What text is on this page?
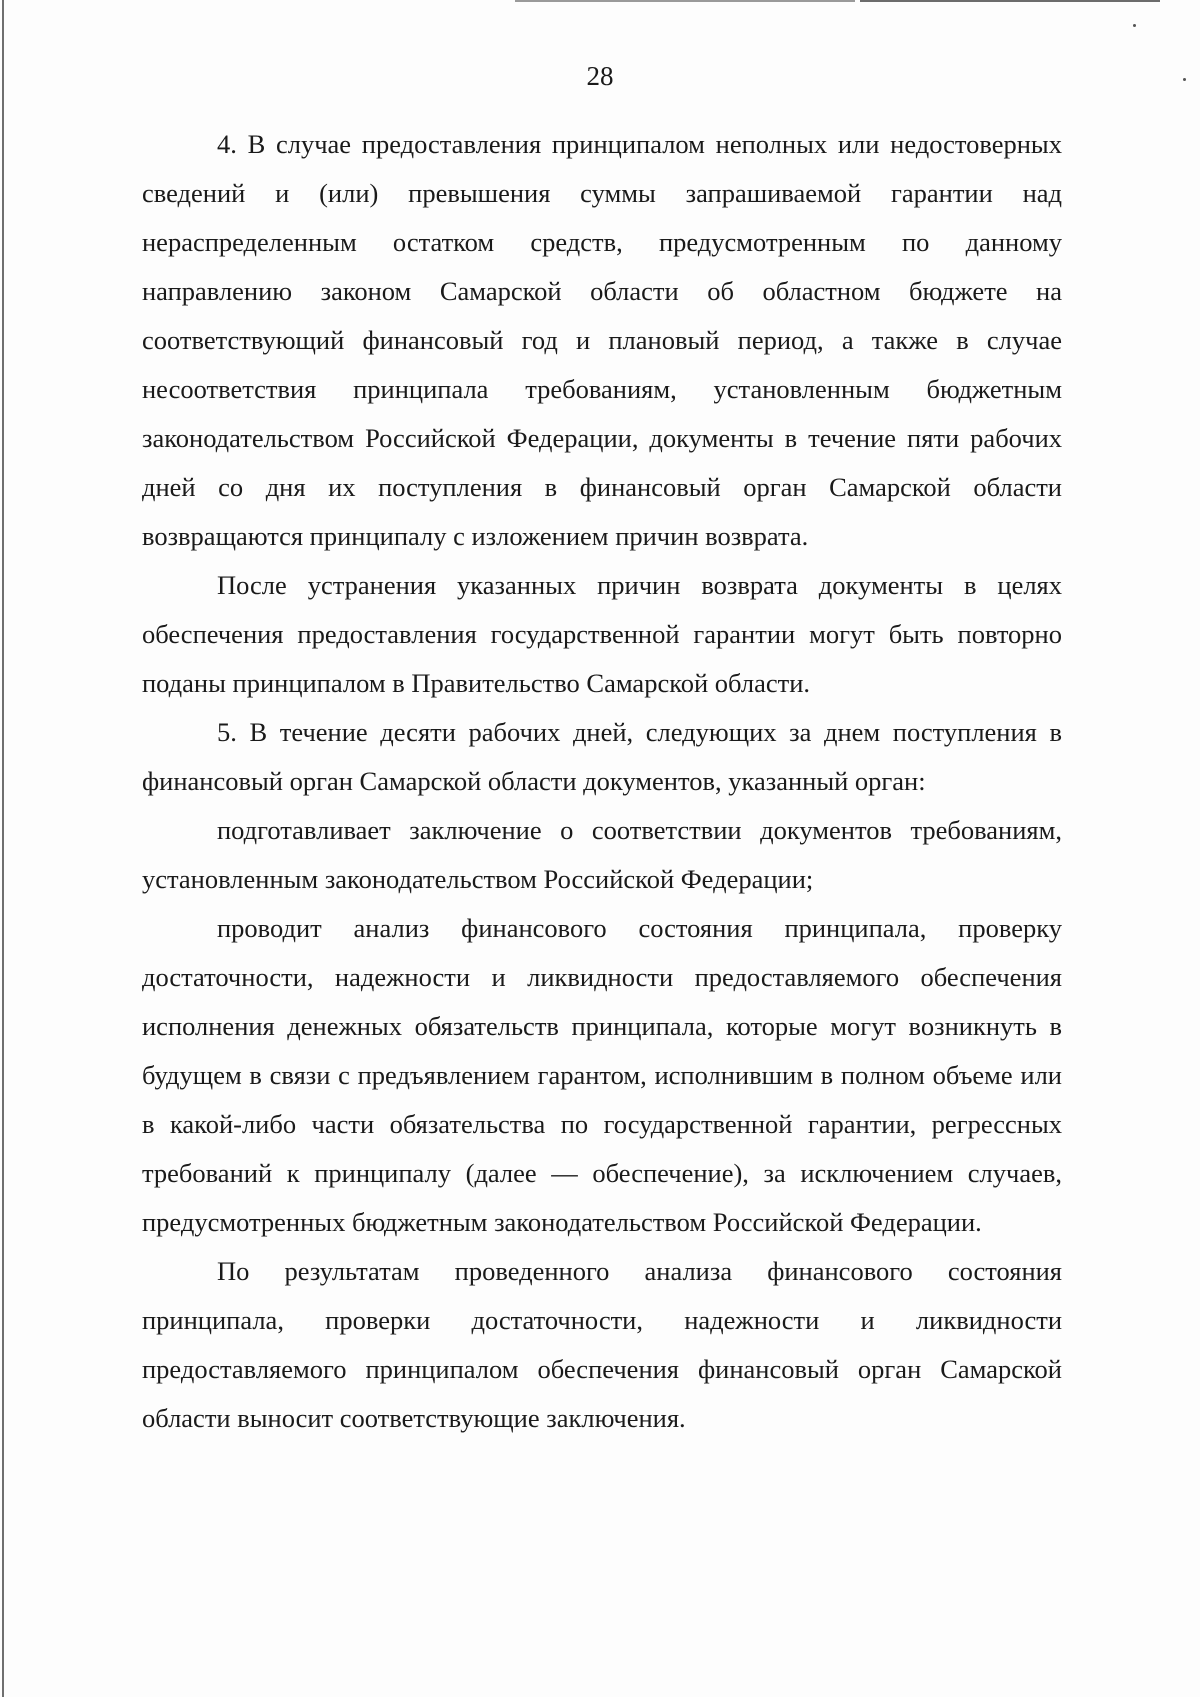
28

4. В случае предоставления принципалом неполных или недостоверных сведений и (или) превышения суммы запрашиваемой гарантии над нераспределенным остатком средств, предусмотренным по данному направлению законом Самарской области об областном бюджете на соответствующий финансовый год и плановый период, а также в случае несоответствия принципала требованиям, установленным бюджетным законодательством Российской Федерации, документы в течение пяти рабочих дней со дня их поступления в финансовый орган Самарской области возвращаются принципалу с изложением причин возврата.

После устранения указанных причин возврата документы в целях обеспечения предоставления государственной гарантии могут быть повторно поданы принципалом в Правительство Самарской области.

5. В течение десяти рабочих дней, следующих за днем поступления в финансовый орган Самарской области документов, указанный орган:

подготавливает заключение о соответствии документов требованиям, установленным законодательством Российской Федерации;

проводит анализ финансового состояния принципала, проверку достаточности, надежности и ликвидности предоставляемого обеспечения исполнения денежных обязательств принципала, которые могут возникнуть в будущем в связи с предъявлением гарантом, исполнившим в полном объеме или в какой-либо части обязательства по государственной гарантии, регрессных требований к принципалу (далее — обеспечение), за исключением случаев, предусмотренных бюджетным законодательством Российской Федерации.

По результатам проведенного анализа финансового состояния принципала, проверки достаточности, надежности и ликвидности предоставляемого принципалом обеспечения финансовый орган Самарской области выносит соответствующие заключения.
